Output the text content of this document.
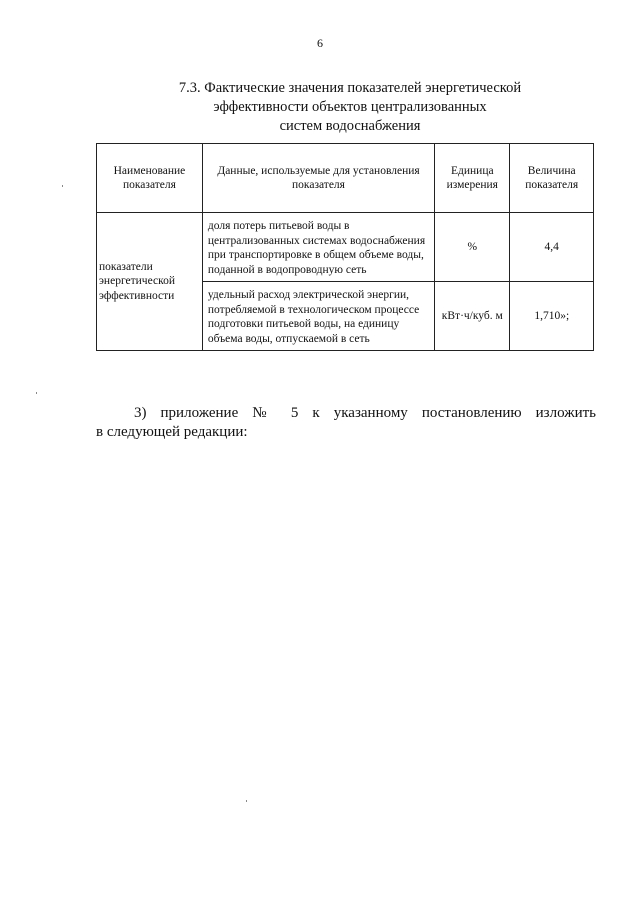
6
7.3. Фактические значения показателей энергетической
эффективности объектов централизованных
систем водоснабжения
Наименование показателя	Данные, используемые для установления показателя	Единица измерения	Величина показателя
показатели энергетической эффективности	доля потерь питьевой воды в централизованных системах водоснабжения при транспортировке в общем объеме воды, поданной в водопроводную сеть	%	4,4
	удельный расход электрической энергии, потребляемой в технологическом процессе подготовки питьевой воды, на единицу объема воды, отпускаемой в сеть	кВт·ч/куб. м	1,710»;
3) приложение № 5 к указанному постановлению изложить
в следующей редакции:
